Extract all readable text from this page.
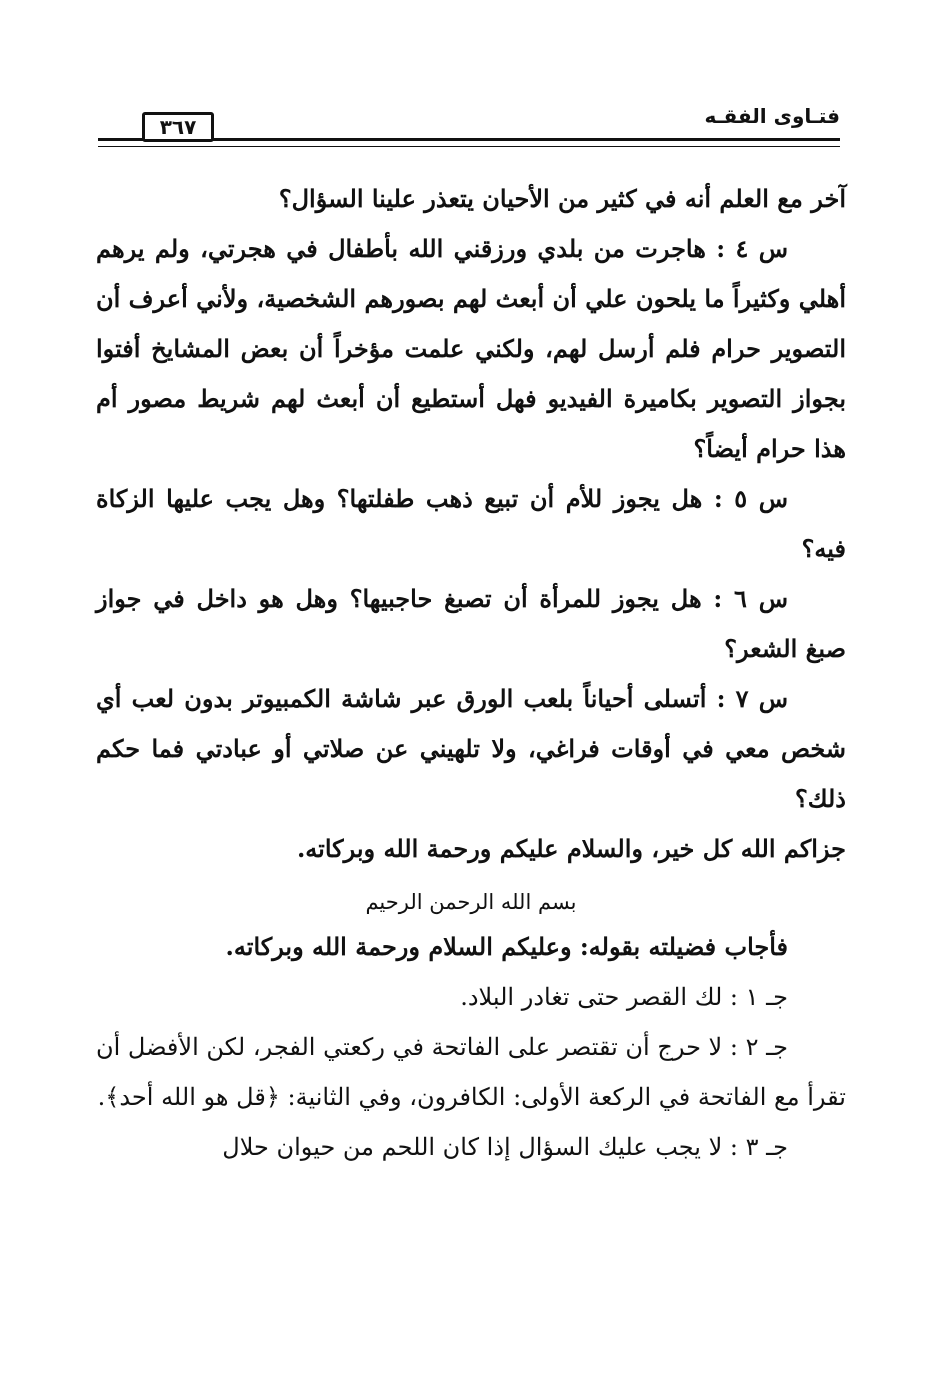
فتـاوى الفقـه
٣٦٧

آخر مع العلم أنه في كثير من الأحيان يتعذر علينا السؤال؟

س ٤ : هاجرت من بلدي ورزقني الله بأطفال في هجرتي، ولم يرهم أهلي وكثيراً ما يلحون علي أن أبعث لهم بصورهم الشخصية، ولأني أعرف أن التصوير حرام فلم أرسل لهم، ولكني علمت مؤخراً أن بعض المشايخ أفتوا بجواز التصوير بكاميرة الفيديو فهل أستطيع أن أبعث لهم شريط مصور أم هذا حرام أيضاً؟

س ٥ : هل يجوز للأم أن تبيع ذهب طفلتها؟ وهل يجب عليها الزكاة فيه؟

س ٦ : هل يجوز للمرأة أن تصبغ حاجبيها؟ وهل هو داخل في جواز صبغ الشعر؟

س ٧ : أتسلى أحياناً بلعب الورق عبر شاشة الكمبيوتر بدون لعب أي شخص معي في أوقات فراغي، ولا تلهيني عن صلاتي أو عبادتي فما حكم ذلك؟

جزاكم الله كل خير، والسلام عليكم ورحمة الله وبركاته.

بسم الله الرحمن الرحيم

فأجاب فضيلته بقوله: وعليكم السلام ورحمة الله وبركاته.

جـ ١ : لك القصر حتى تغادر البلاد.

جـ ٢ : لا حرج أن تقتصر على الفاتحة في ركعتي الفجر، لكن الأفضل أن تقرأ مع الفاتحة في الركعة الأولى: الكافرون، وفي الثانية: ﴿قل هو الله أحد﴾.

جـ ٣ : لا يجب عليك السؤال إذا كان اللحم من حيوان حلال
